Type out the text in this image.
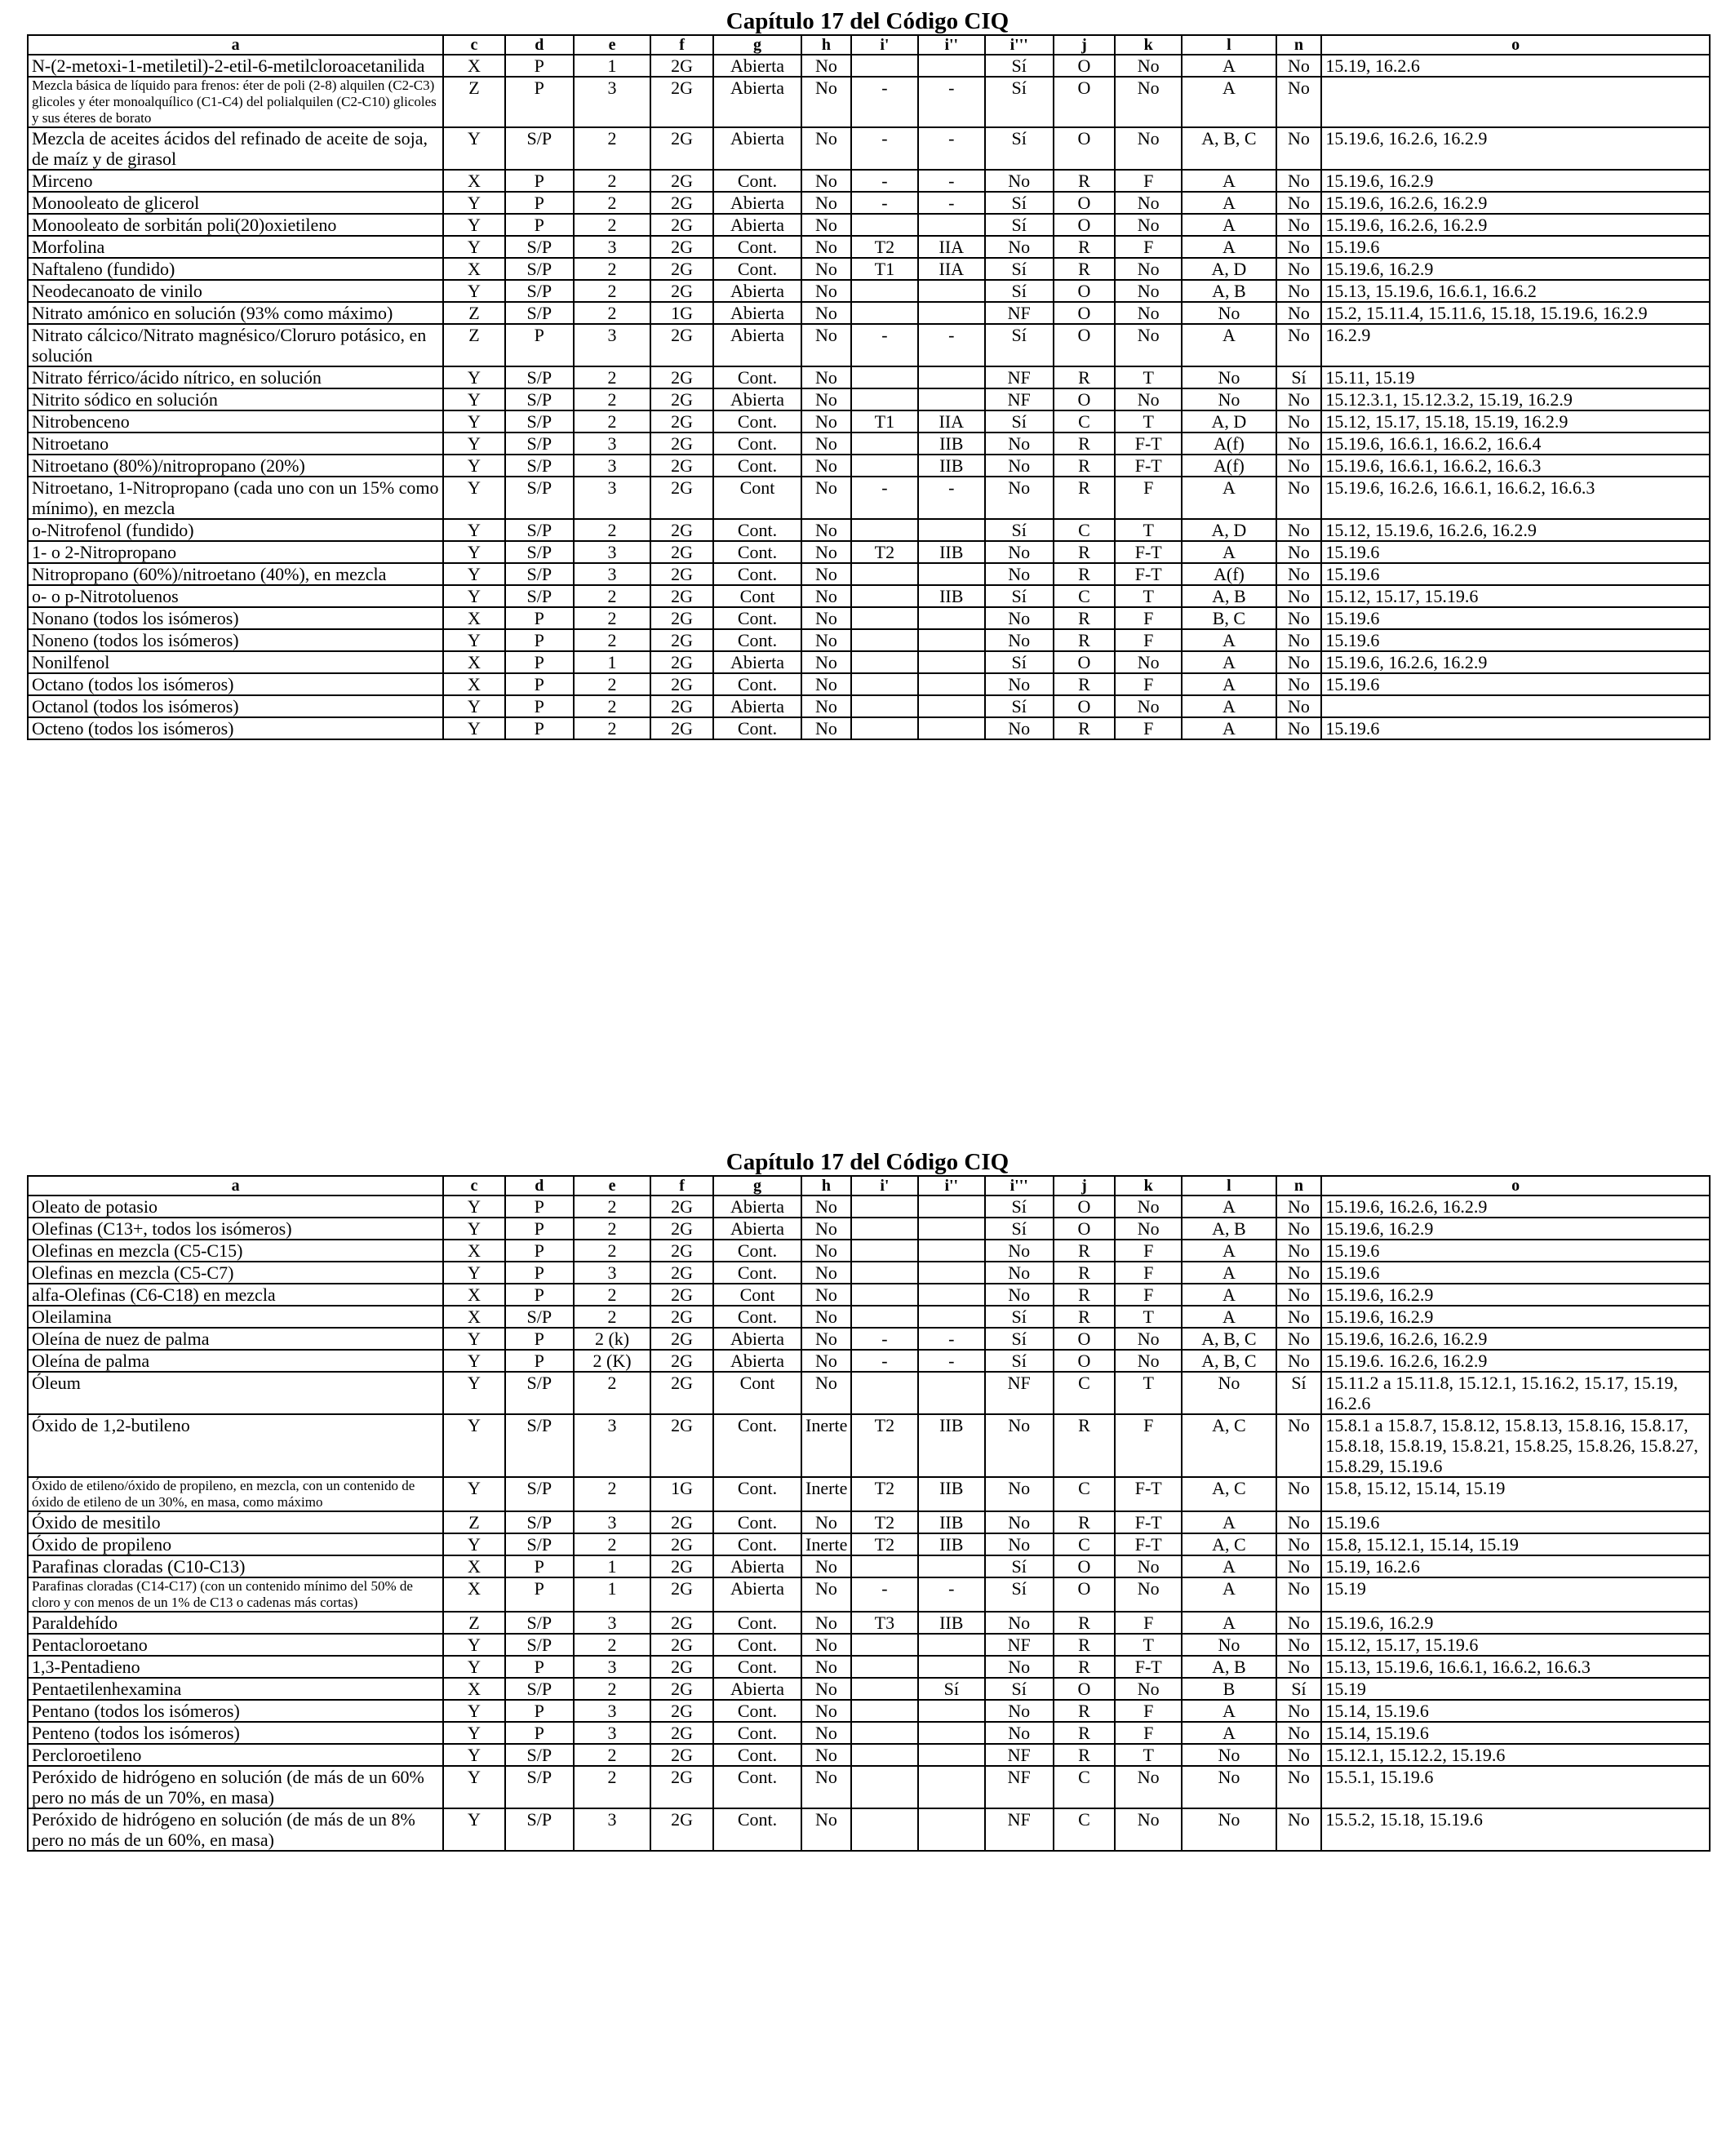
Capítulo 17 del Código CIQ
a	c	d	e	f	g	h	i'	i''	i'''	j	k	l	n	o
N-(2-metoxi-1-metiletil)-2-etil-6-metilcloroacetanilida	X	P	1	2G	Abierta	No			Sí	O	No	A	No	15.19, 16.2.6
Mezcla básica de líquido para frenos: éter de poli (2-8) alquilen (C2-C3) glicoles y éter monoalquílico (C1-C4) del polialquilen (C2-C10) glicoles y sus éteres de borato	Z	P	3	2G	Abierta	No	-	-	Sí	O	No	A	No	
Mezcla de aceites ácidos del refinado de aceite de soja, de maíz y de girasol	Y	S/P	2	2G	Abierta	No	-	-	Sí	O	No	A, B, C	No	15.19.6, 16.2.6, 16.2.9
Mirceno	X	P	2	2G	Cont.	No	-	-	No	R	F	A	No	15.19.6, 16.2.9
Monooleato de glicerol	Y	P	2	2G	Abierta	No	-	-	Sí	O	No	A	No	15.19.6, 16.2.6, 16.2.9
Monooleato de sorbitán poli(20)oxietileno	Y	P	2	2G	Abierta	No			Sí	O	No	A	No	15.19.6, 16.2.6, 16.2.9
Morfolina	Y	S/P	3	2G	Cont.	No	T2	IIA	No	R	F	A	No	15.19.6
Naftaleno (fundido)	X	S/P	2	2G	Cont.	No	T1	IIA	Sí	R	No	A, D	No	15.19.6, 16.2.9
Neodecanoato de vinilo	Y	S/P	2	2G	Abierta	No			Sí	O	No	A, B	No	15.13, 15.19.6, 16.6.1, 16.6.2
Nitrato amónico en solución (93% como máximo)	Z	S/P	2	1G	Abierta	No			NF	O	No	No	No	15.2, 15.11.4, 15.11.6, 15.18, 15.19.6, 16.2.9
Nitrato cálcico/Nitrato magnésico/Cloruro potásico, en solución	Z	P	3	2G	Abierta	No	-	-	Sí	O	No	A	No	16.2.9
Nitrato férrico/ácido nítrico, en solución	Y	S/P	2	2G	Cont.	No			NF	R	T	No	Sí	15.11, 15.19
Nitrito sódico en solución	Y	S/P	2	2G	Abierta	No			NF	O	No	No	No	15.12.3.1, 15.12.3.2, 15.19, 16.2.9
Nitrobenceno	Y	S/P	2	2G	Cont.	No	T1	IIA	Sí	C	T	A, D	No	15.12, 15.17, 15.18, 15.19, 16.2.9
Nitroetano	Y	S/P	3	2G	Cont.	No		IIB	No	R	F-T	A(f)	No	15.19.6, 16.6.1, 16.6.2, 16.6.4
Nitroetano (80%)/nitropropano (20%)	Y	S/P	3	2G	Cont.	No		IIB	No	R	F-T	A(f)	No	15.19.6, 16.6.1, 16.6.2, 16.6.3
Nitroetano, 1-Nitropropano (cada uno con un 15% como mínimo), en mezcla	Y	S/P	3	2G	Cont	No	-	-	No	R	F	A	No	15.19.6, 16.2.6, 16.6.1, 16.6.2, 16.6.3
o-Nitrofenol (fundido)	Y	S/P	2	2G	Cont.	No			Sí	C	T	A, D	No	15.12, 15.19.6, 16.2.6, 16.2.9
1- o 2-Nitropropano	Y	S/P	3	2G	Cont.	No	T2	IIB	No	R	F-T	A	No	15.19.6
Nitropropano (60%)/nitroetano (40%), en mezcla	Y	S/P	3	2G	Cont.	No			No	R	F-T	A(f)	No	15.19.6
o- o p-Nitrotoluenos	Y	S/P	2	2G	Cont	No		IIB	Sí	C	T	A, B	No	15.12, 15.17, 15.19.6
Nonano (todos los isómeros)	X	P	2	2G	Cont.	No			No	R	F	B, C	No	15.19.6
Noneno (todos los isómeros)	Y	P	2	2G	Cont.	No			No	R	F	A	No	15.19.6
Nonilfenol	X	P	1	2G	Abierta	No			Sí	O	No	A	No	15.19.6, 16.2.6, 16.2.9
Octano (todos los isómeros)	X	P	2	2G	Cont.	No			No	R	F	A	No	15.19.6
Octanol (todos los isómeros)	Y	P	2	2G	Abierta	No			Sí	O	No	A	No	
Octeno (todos los isómeros)	Y	P	2	2G	Cont.	No			No	R	F	A	No	15.19.6
Capítulo 17 del Código CIQ
a	c	d	e	f	g	h	i'	i''	i'''	j	k	l	n	o
Oleato de potasio	Y	P	2	2G	Abierta	No			Sí	O	No	A	No	15.19.6, 16.2.6, 16.2.9
Olefinas (C13+, todos los isómeros)	Y	P	2	2G	Abierta	No			Sí	O	No	A, B	No	15.19.6, 16.2.9
Olefinas en mezcla (C5-C15)	X	P	2	2G	Cont.	No			No	R	F	A	No	15.19.6
Olefinas en mezcla (C5-C7)	Y	P	3	2G	Cont.	No			No	R	F	A	No	15.19.6
alfa-Olefinas (C6-C18) en mezcla	X	P	2	2G	Cont	No			No	R	F	A	No	15.19.6, 16.2.9
Oleilamina	X	S/P	2	2G	Cont.	No			Sí	R	T	A	No	15.19.6, 16.2.9
Oleína de nuez de palma	Y	P	2 (k)	2G	Abierta	No	-	-	Sí	O	No	A, B, C	No	15.19.6, 16.2.6, 16.2.9
Oleína de palma	Y	P	2 (K)	2G	Abierta	No	-	-	Sí	O	No	A, B, C	No	15.19.6. 16.2.6, 16.2.9
Óleum	Y	S/P	2	2G	Cont	No			NF	C	T	No	Sí	15.11.2 a 15.11.8, 15.12.1, 15.16.2, 15.17, 15.19, 16.2.6
Óxido de 1,2-butileno	Y	S/P	3	2G	Cont.	Inerte	T2	IIB	No	R	F	A, C	No	15.8.1 a 15.8.7, 15.8.12, 15.8.13, 15.8.16, 15.8.17, 15.8.18, 15.8.19, 15.8.21, 15.8.25, 15.8.26, 15.8.27, 15.8.29, 15.19.6
Óxido de etileno/óxido de propileno, en mezcla, con un contenido de óxido de etileno de un 30%, en masa, como máximo	Y	S/P	2	1G	Cont.	Inerte	T2	IIB	No	C	F-T	A, C	No	15.8, 15.12, 15.14, 15.19
Óxido de mesitilo	Z	S/P	3	2G	Cont.	No	T2	IIB	No	R	F-T	A	No	15.19.6
Óxido de propileno	Y	S/P	2	2G	Cont.	Inerte	T2	IIB	No	C	F-T	A, C	No	15.8, 15.12.1, 15.14, 15.19
Parafinas cloradas (C10-C13)	X	P	1	2G	Abierta	No			Sí	O	No	A	No	15.19, 16.2.6
Parafinas cloradas (C14-C17) (con un contenido mínimo del 50% de cloro y con menos de un 1% de C13 o cadenas más cortas)	X	P	1	2G	Abierta	No	-	-	Sí	O	No	A	No	15.19
Paraldehído	Z	S/P	3	2G	Cont.	No	T3	IIB	No	R	F	A	No	15.19.6, 16.2.9
Pentacloroetano	Y	S/P	2	2G	Cont.	No			NF	R	T	No	No	15.12, 15.17, 15.19.6
1,3-Pentadieno	Y	P	3	2G	Cont.	No			No	R	F-T	A, B	No	15.13, 15.19.6, 16.6.1, 16.6.2, 16.6.3
Pentaetilenhexamina	X	S/P	2	2G	Abierta	No		Sí	Sí	O	No	B	Sí	15.19
Pentano (todos los isómeros)	Y	P	3	2G	Cont.	No			No	R	F	A	No	15.14, 15.19.6
Penteno (todos los isómeros)	Y	P	3	2G	Cont.	No			No	R	F	A	No	15.14, 15.19.6
Percloroetileno	Y	S/P	2	2G	Cont.	No			NF	R	T	No	No	15.12.1, 15.12.2, 15.19.6
Peróxido de hidrógeno en solución (de más de un 60% pero no más de un 70%, en masa)	Y	S/P	2	2G	Cont.	No			NF	C	No	No	No	15.5.1, 15.19.6
Peróxido de hidrógeno en solución (de más de un 8% pero no más de un 60%, en masa)	Y	S/P	3	2G	Cont.	No			NF	C	No	No	No	15.5.2, 15.18, 15.19.6
